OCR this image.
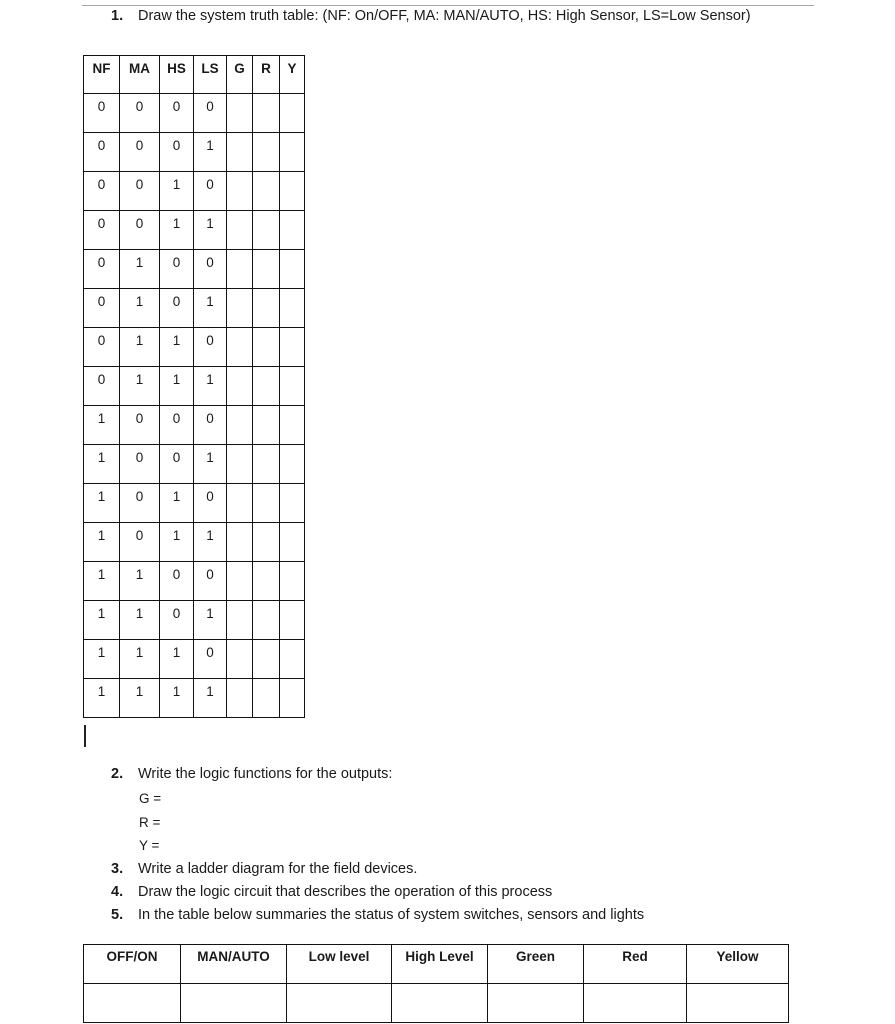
1. Draw the system truth table: (NF: On/OFF, MA: MAN/AUTO, HS: High Sensor, LS=Low Sensor)
NF	MA	HS	LS	G	R	Y
0	0	0	0			
0	0	0	1			
0	0	1	0			
0	0	1	1			
0	1	0	0			
0	1	0	1			
0	1	1	0			
0	1	1	1			
1	0	0	0			
1	0	0	1			
1	0	1	0			
1	0	1	1			
1	1	0	0			
1	1	0	1			
1	1	1	0			
1	1	1	1			
2. Write the logic functions for the outputs:
G =
R =
Y =
3. Write a ladder diagram for the field devices.
4. Draw the logic circuit that describes the operation of this process
5. In the table below summaries the status of system switches, sensors and lights
OFF/ON	MAN/AUTO	Low level	High Level	Green	Red	Yellow
